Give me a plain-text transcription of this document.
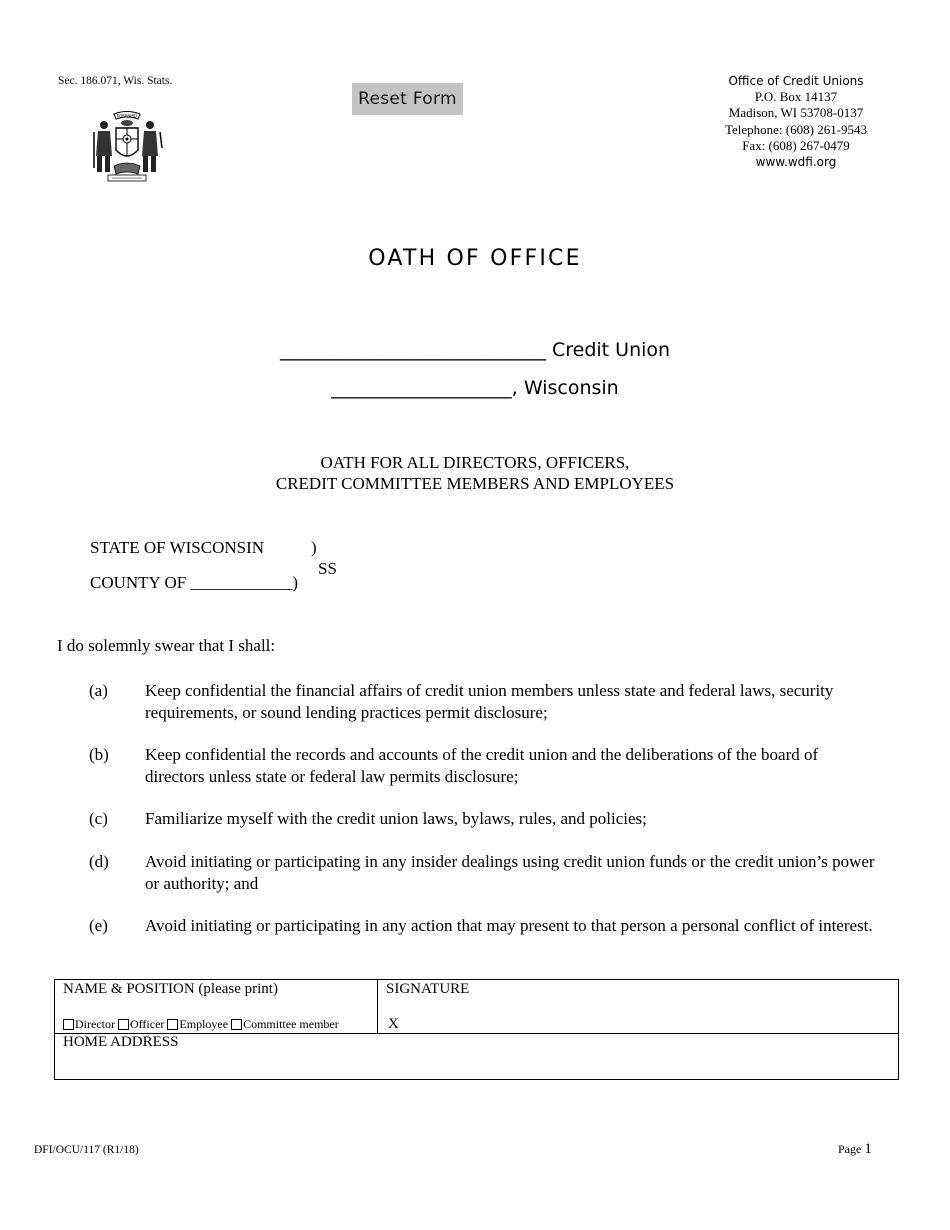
Sec. 186.071, Wis. Stats.
Reset Form
FORWARD
Office of Credit Unions
P.O. Box 14137
Madison, WI 53708-0137
Telephone: (608) 261-9543
Fax: (608) 267-0479
www.wdfi.org
OATH OF OFFICE
____________________________ Credit Union
___________________, Wisconsin
OATH FOR ALL DIRECTORS, OFFICERS,
CREDIT COMMITTEE MEMBERS AND EMPLOYEES
STATE OF WISCONSIN	)
SS
COUNTY OF ____________)
I do solemnly swear that I shall:
(a)	Keep confidential the financial affairs of credit union members unless state and federal laws, security requirements, or sound lending practices permit disclosure;
(b)	Keep confidential the records and accounts of the credit union and the deliberations of the board of directors unless state or federal law permits disclosure;
(c)	Familiarize myself with the credit union laws, bylaws, rules, and policies;
(d)	Avoid initiating or participating in any insider dealings using credit union funds or the credit union’s power or authority; and
(e)	Avoid initiating or participating in any action that may present to that person a personal conflict of interest.
NAME & POSITION (please print)
Director Officer Employee Committee member
SIGNATURE
X
HOME ADDRESS
DFI/OCU/117 (R1/18)	Page 1
